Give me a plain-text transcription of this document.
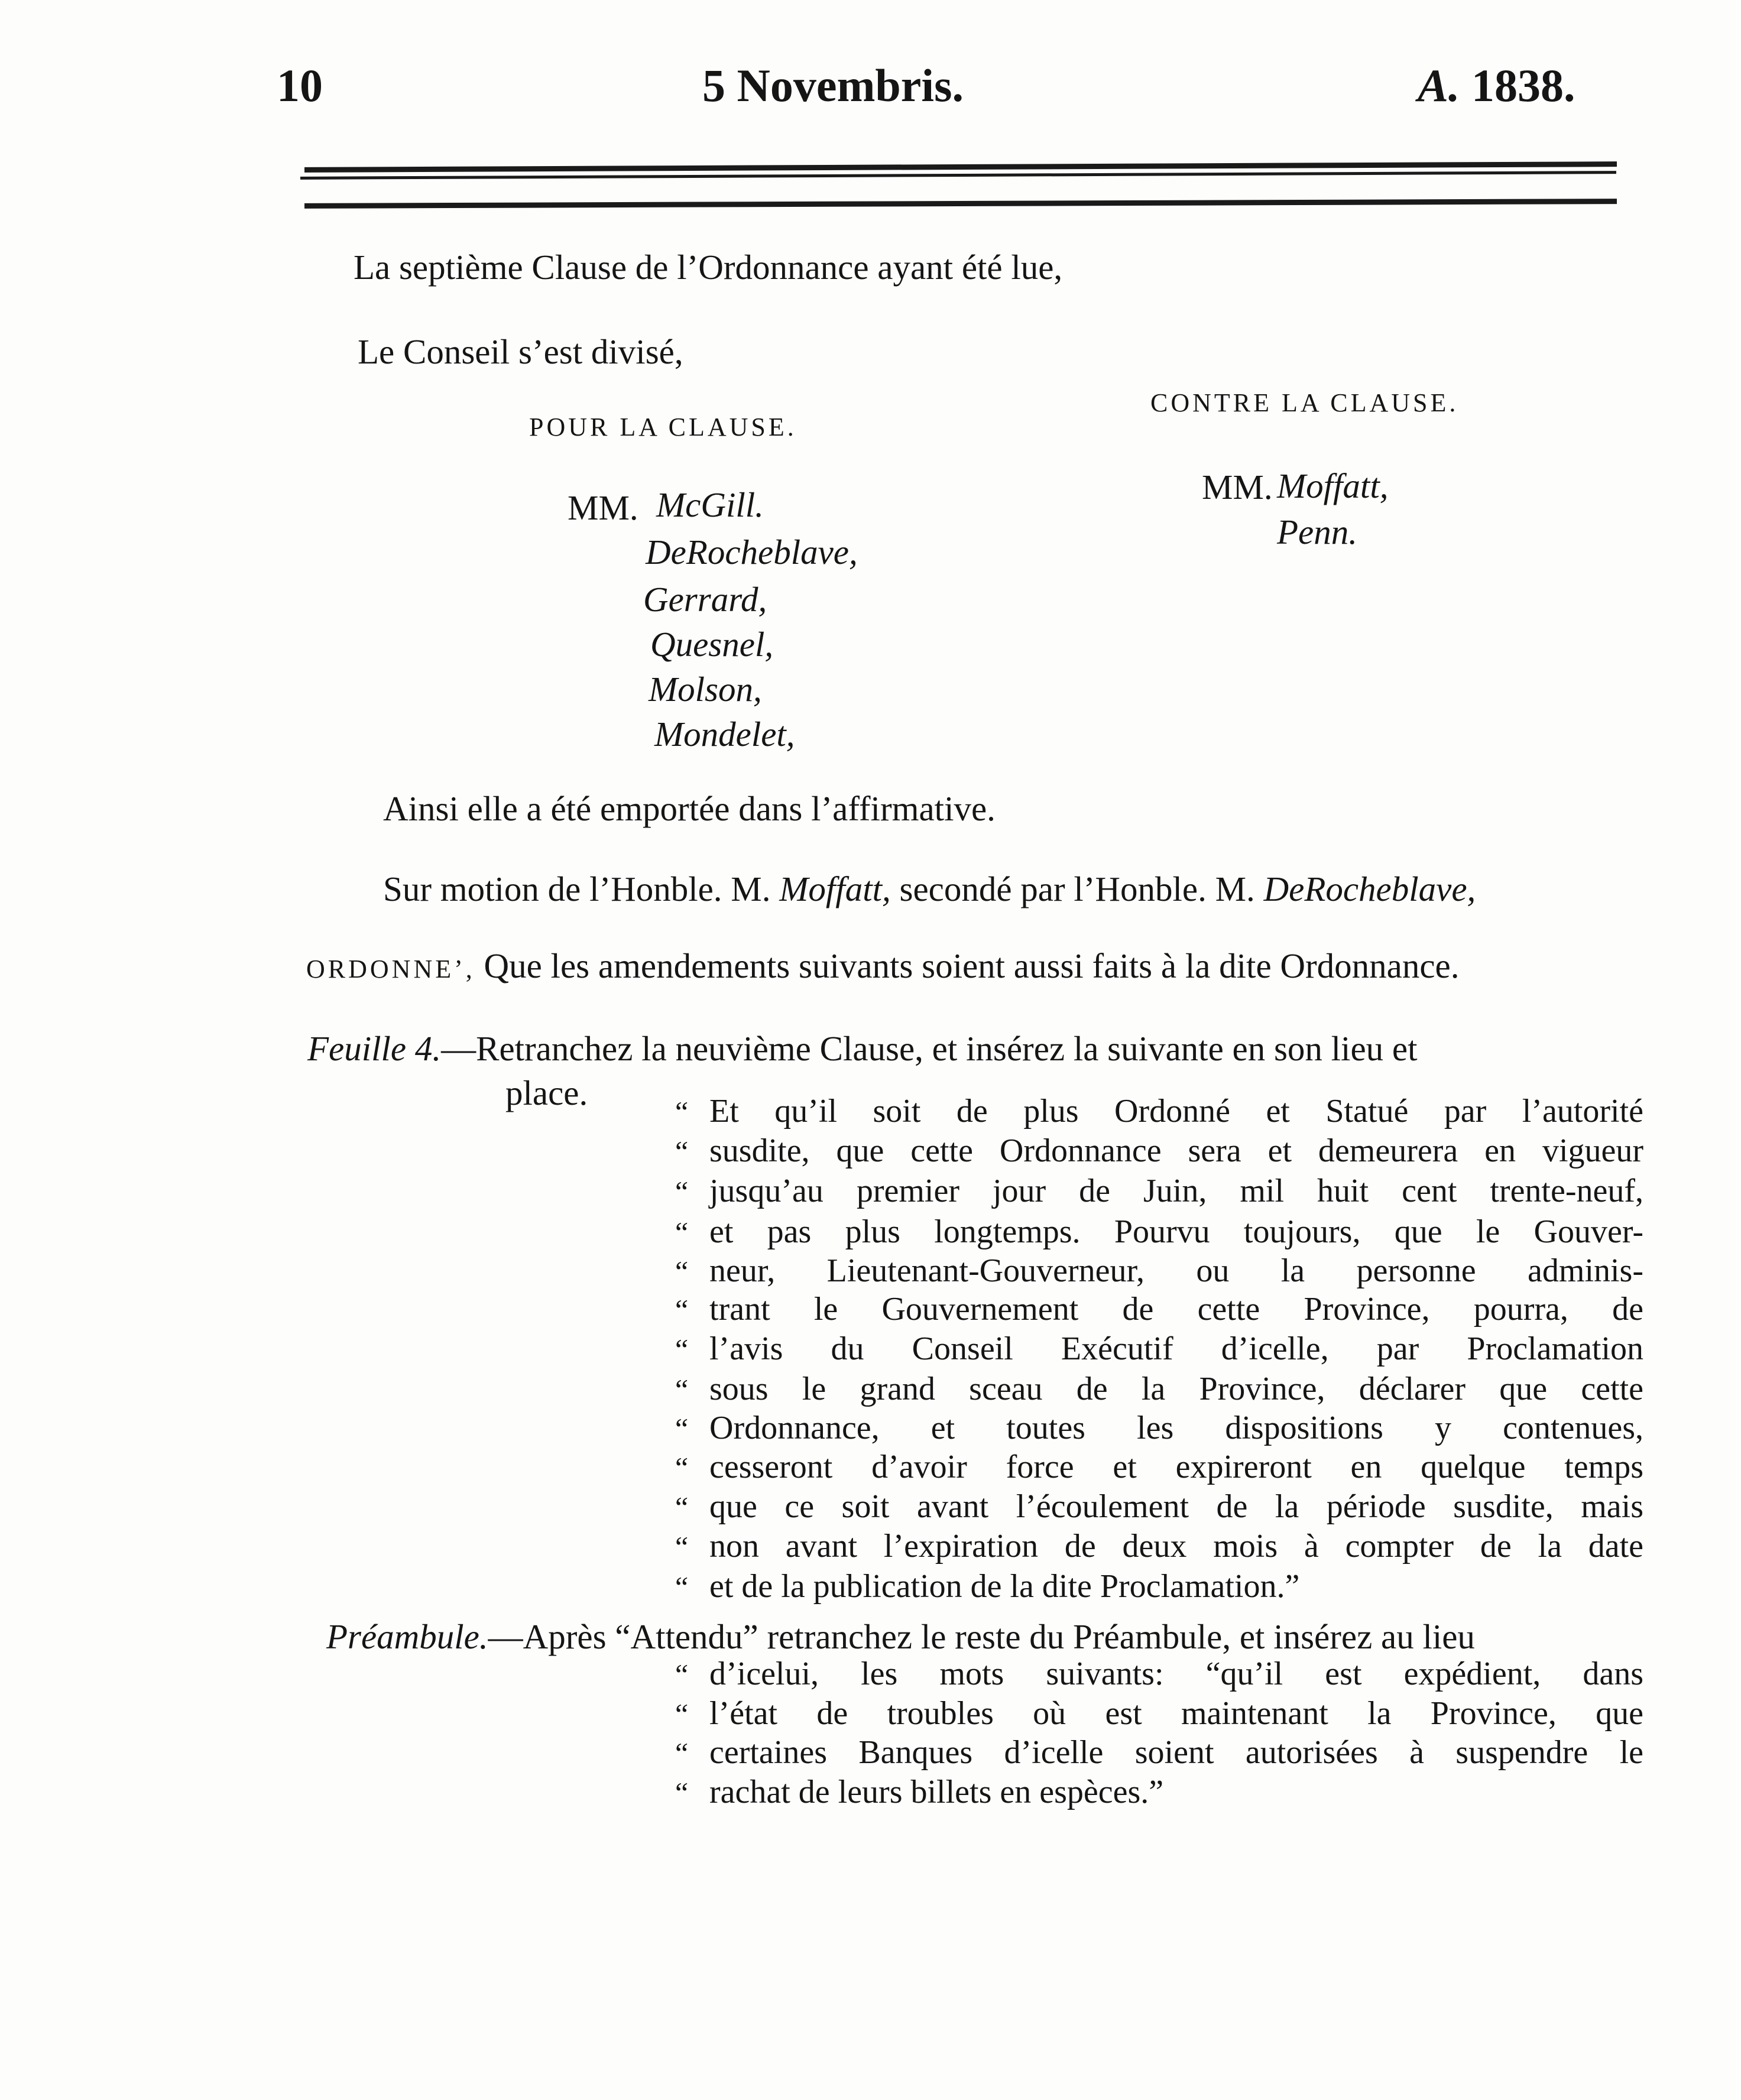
10	5 Novembris.	A. 1838.
La septième Clause de l’Ordonnance ayant été lue,
Le Conseil s’est divisé,
POUR LA CLAUSE.
CONTRE LA CLAUSE.
MM. McGill.
DeRocheblave,
Gerrard,
Quesnel,
Molson,
Mondelet,
MM. Moffatt,
Penn.
Ainsi elle a été emportée dans l’affirmative.
Sur motion de l’Honble. M. Moffatt, secondé par l’Honble. M. DeRocheblave,
ORDONNE’, Que les amendements suivants soient aussi faits à la dite Ordonnance.
Feuille 4.—Retranchez la neuvième Clause, et insérez la suivante en son lieu et
place.	Et qu’il soit de plus Ordonné et Statué par l’autorité
susdite, que cette Ordonnance sera et demeurera en vigueur
jusqu’au premier jour de Juin, mil huit cent trente-neuf,
et pas plus longtemps. Pourvu toujours, que le Gouver-
neur, Lieutenant-Gouverneur, ou la personne adminis-
trant le Gouvernement de cette Province, pourra, de
l’avis du Conseil Exécutif d’icelle, par Proclamation
sous le grand sceau de la Province, déclarer que cette
Ordonnance, et toutes les dispositions y contenues,
cesseront d’avoir force et expireront en quelque temps
que ce soit avant l’écoulement de la période susdite, mais
non avant l’expiration de deux mois à compter de la date
et de la publication de la dite Proclamation.”
Préambule.—Après “Attendu” retranchez le reste du Préambule, et insérez au lieu
d’icelui, les mots suivants: “qu’il est expédient, dans
l’état de troubles où est maintenant la Province, que
certaines Banques d’icelle soient autorisées à suspendre le
rachat de leurs billets en espèces.”
“
“
“
“
“
“
“
“
“
“
“
“
“
“
“
“
“
